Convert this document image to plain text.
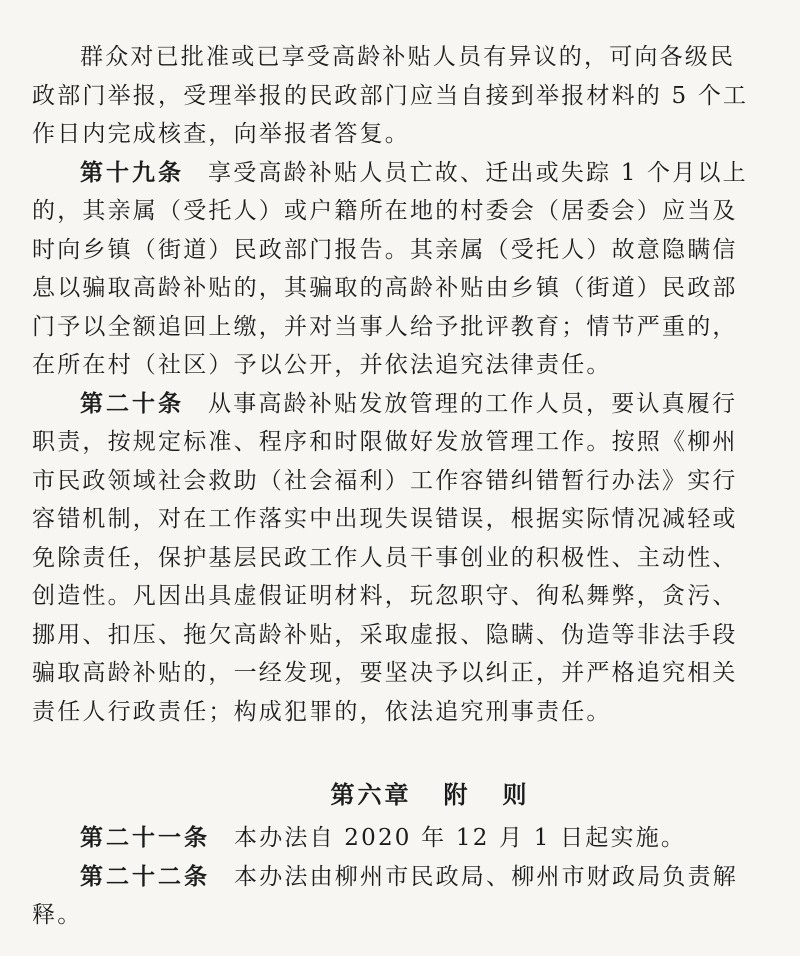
群众对已批准或已享受高龄补贴人员有异议的，可向各级民
政部门举报，受理举报的民政部门应当自接到举报材料的 5 个工
作日内完成核查，向举报者答复。
第十九条 享受高龄补贴人员亡故、迁出或失踪 1 个月以上
的，其亲属（受托人）或户籍所在地的村委会（居委会）应当及
时向乡镇（街道）民政部门报告。其亲属（受托人）故意隐瞒信
息以骗取高龄补贴的，其骗取的高龄补贴由乡镇（街道）民政部
门予以全额追回上缴，并对当事人给予批评教育；情节严重的，
在所在村（社区）予以公开，并依法追究法律责任。
第二十条 从事高龄补贴发放管理的工作人员，要认真履行
职责，按规定标准、程序和时限做好发放管理工作。按照《柳州
市民政领域社会救助（社会福利）工作容错纠错暂行办法》实行
容错机制，对在工作落实中出现失误错误，根据实际情况减轻或
免除责任，保护基层民政工作人员干事创业的积极性、主动性、
创造性。凡因出具虚假证明材料，玩忽职守、徇私舞弊，贪污、
挪用、扣压、拖欠高龄补贴，采取虚报、隐瞒、伪造等非法手段
骗取高龄补贴的，一经发现，要坚决予以纠正，并严格追究相关
责任人行政责任；构成犯罪的，依法追究刑事责任。
第六章 附 则
第二十一条 本办法自 2020 年 12 月 1 日起实施。
第二十二条 本办法由柳州市民政局、柳州市财政局负责解
释。
